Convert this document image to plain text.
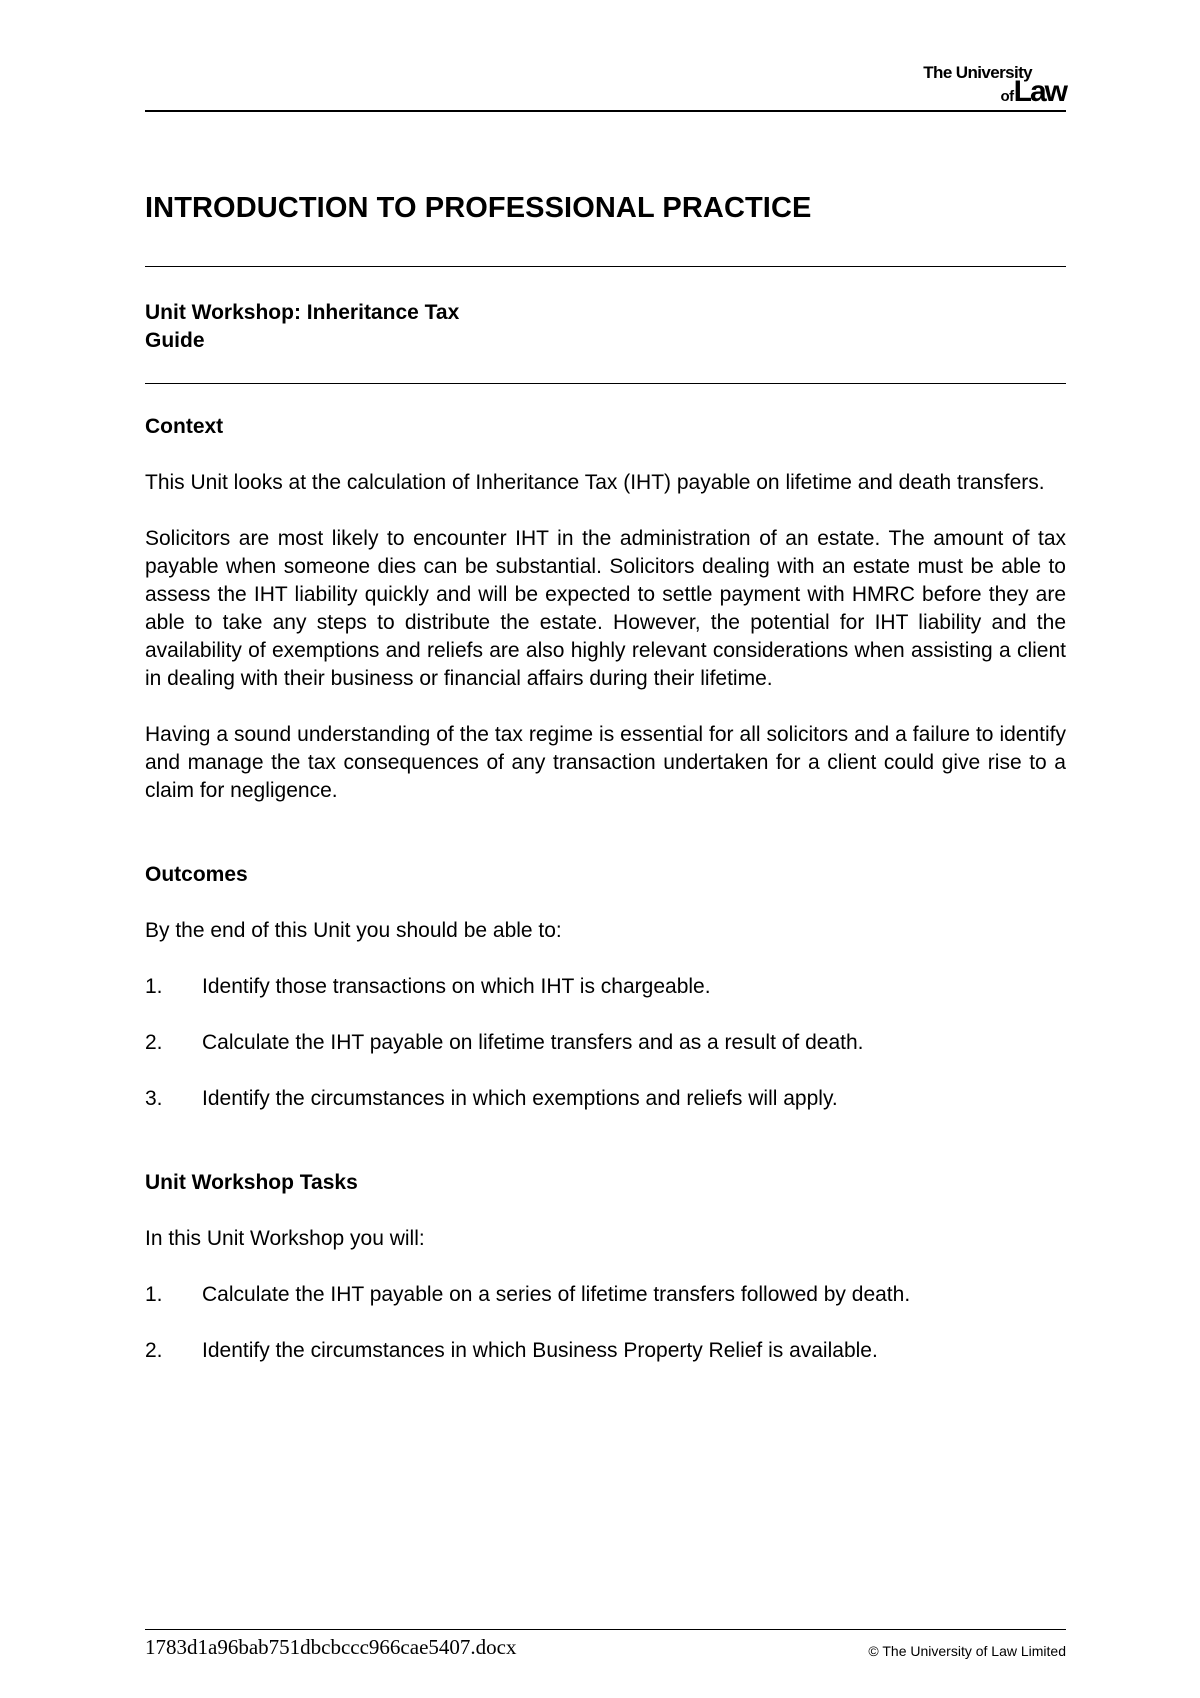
The University
ofLaw
INTRODUCTION TO PROFESSIONAL PRACTICE
Unit Workshop: Inheritance Tax
Guide
Context

This Unit looks at the calculation of Inheritance Tax (IHT) payable on lifetime and death transfers.

Solicitors are most likely to encounter IHT in the administration of an estate. The amount of tax payable when someone dies can be substantial. Solicitors dealing with an estate must be able to assess the IHT liability quickly and will be expected to settle payment with HMRC before they are able to take any steps to distribute the estate. However, the potential for IHT liability and the availability of exemptions and reliefs are also highly relevant considerations when assisting a client in dealing with their business or financial affairs during their lifetime.

Having a sound understanding of the tax regime is essential for all solicitors and a failure to identify and manage the tax consequences of any transaction undertaken for a client could give rise to a claim for negligence.

Outcomes

By the end of this Unit you should be able to:

1.	Identify those transactions on which IHT is chargeable.
2.	Calculate the IHT payable on lifetime transfers and as a result of death.
3.	Identify the circumstances in which exemptions and reliefs will apply.
Unit Workshop Tasks

In this Unit Workshop you will:

1.	Calculate the IHT payable on a series of lifetime transfers followed by death.
2.	Identify the circumstances in which Business Property Relief is available.
1783d1a96bab751dbcbccc966cae5407.docx	© The University of Law Limited
